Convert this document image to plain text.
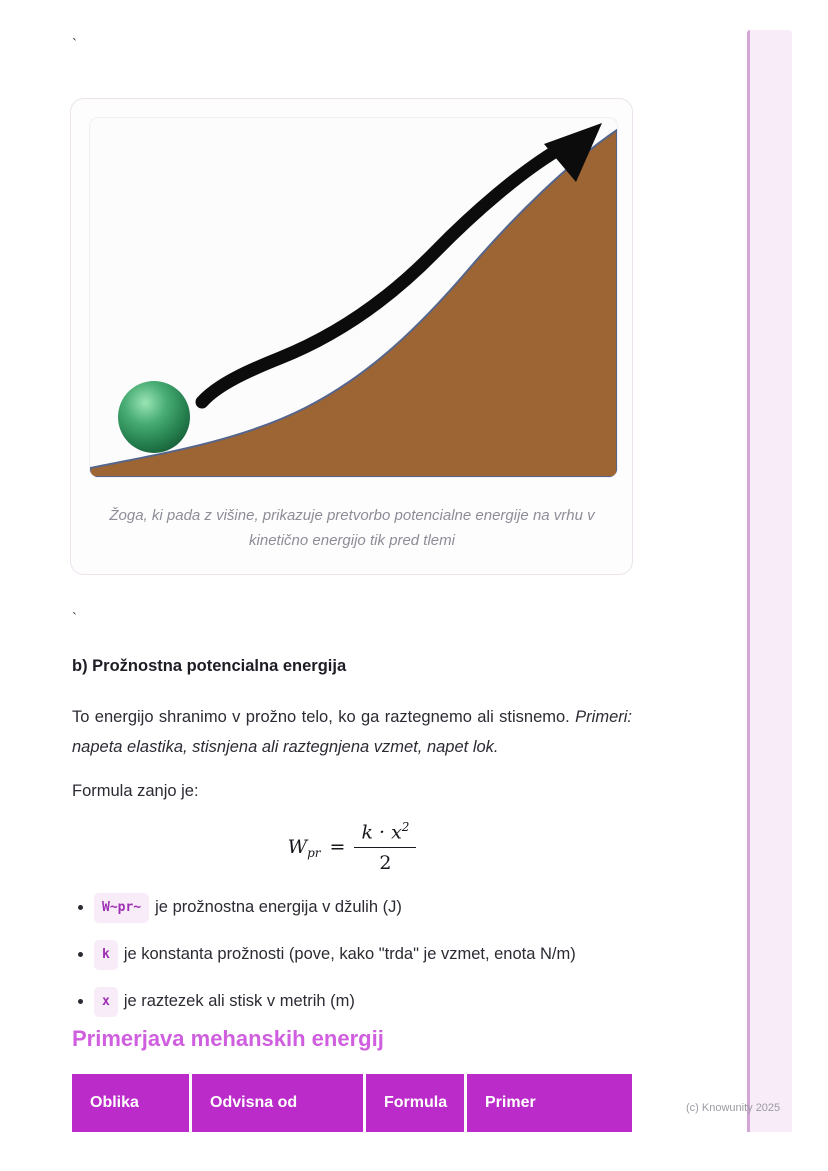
`
Žoga, ki pada z višine, prikazuje pretvorbo potencialne energije na vrhu v kinetično energijo tik pred tlemi
`
b) Prožnostna potencialna energija
To energijo shranimo v prožno telo, ko ga raztegnemo ali stisnemo. Primeri: napeta elastika, stisnjena ali raztegnjena vzmet, napet lok.
Formula zanjo je:
$W_{pr} = \frac{k \cdot x^2}{2}$
• W~pr~ je prožnostna energija v džulih (J)
• k je konstanta prožnosti (pove, kako "trda" je vzmet, enota N/m)
• x je raztezek ali stisk v metrih (m)
Primerjava mehanskih energij
Oblika	Odvisna od	Formula	Primer	(c) Knowunity 2025
